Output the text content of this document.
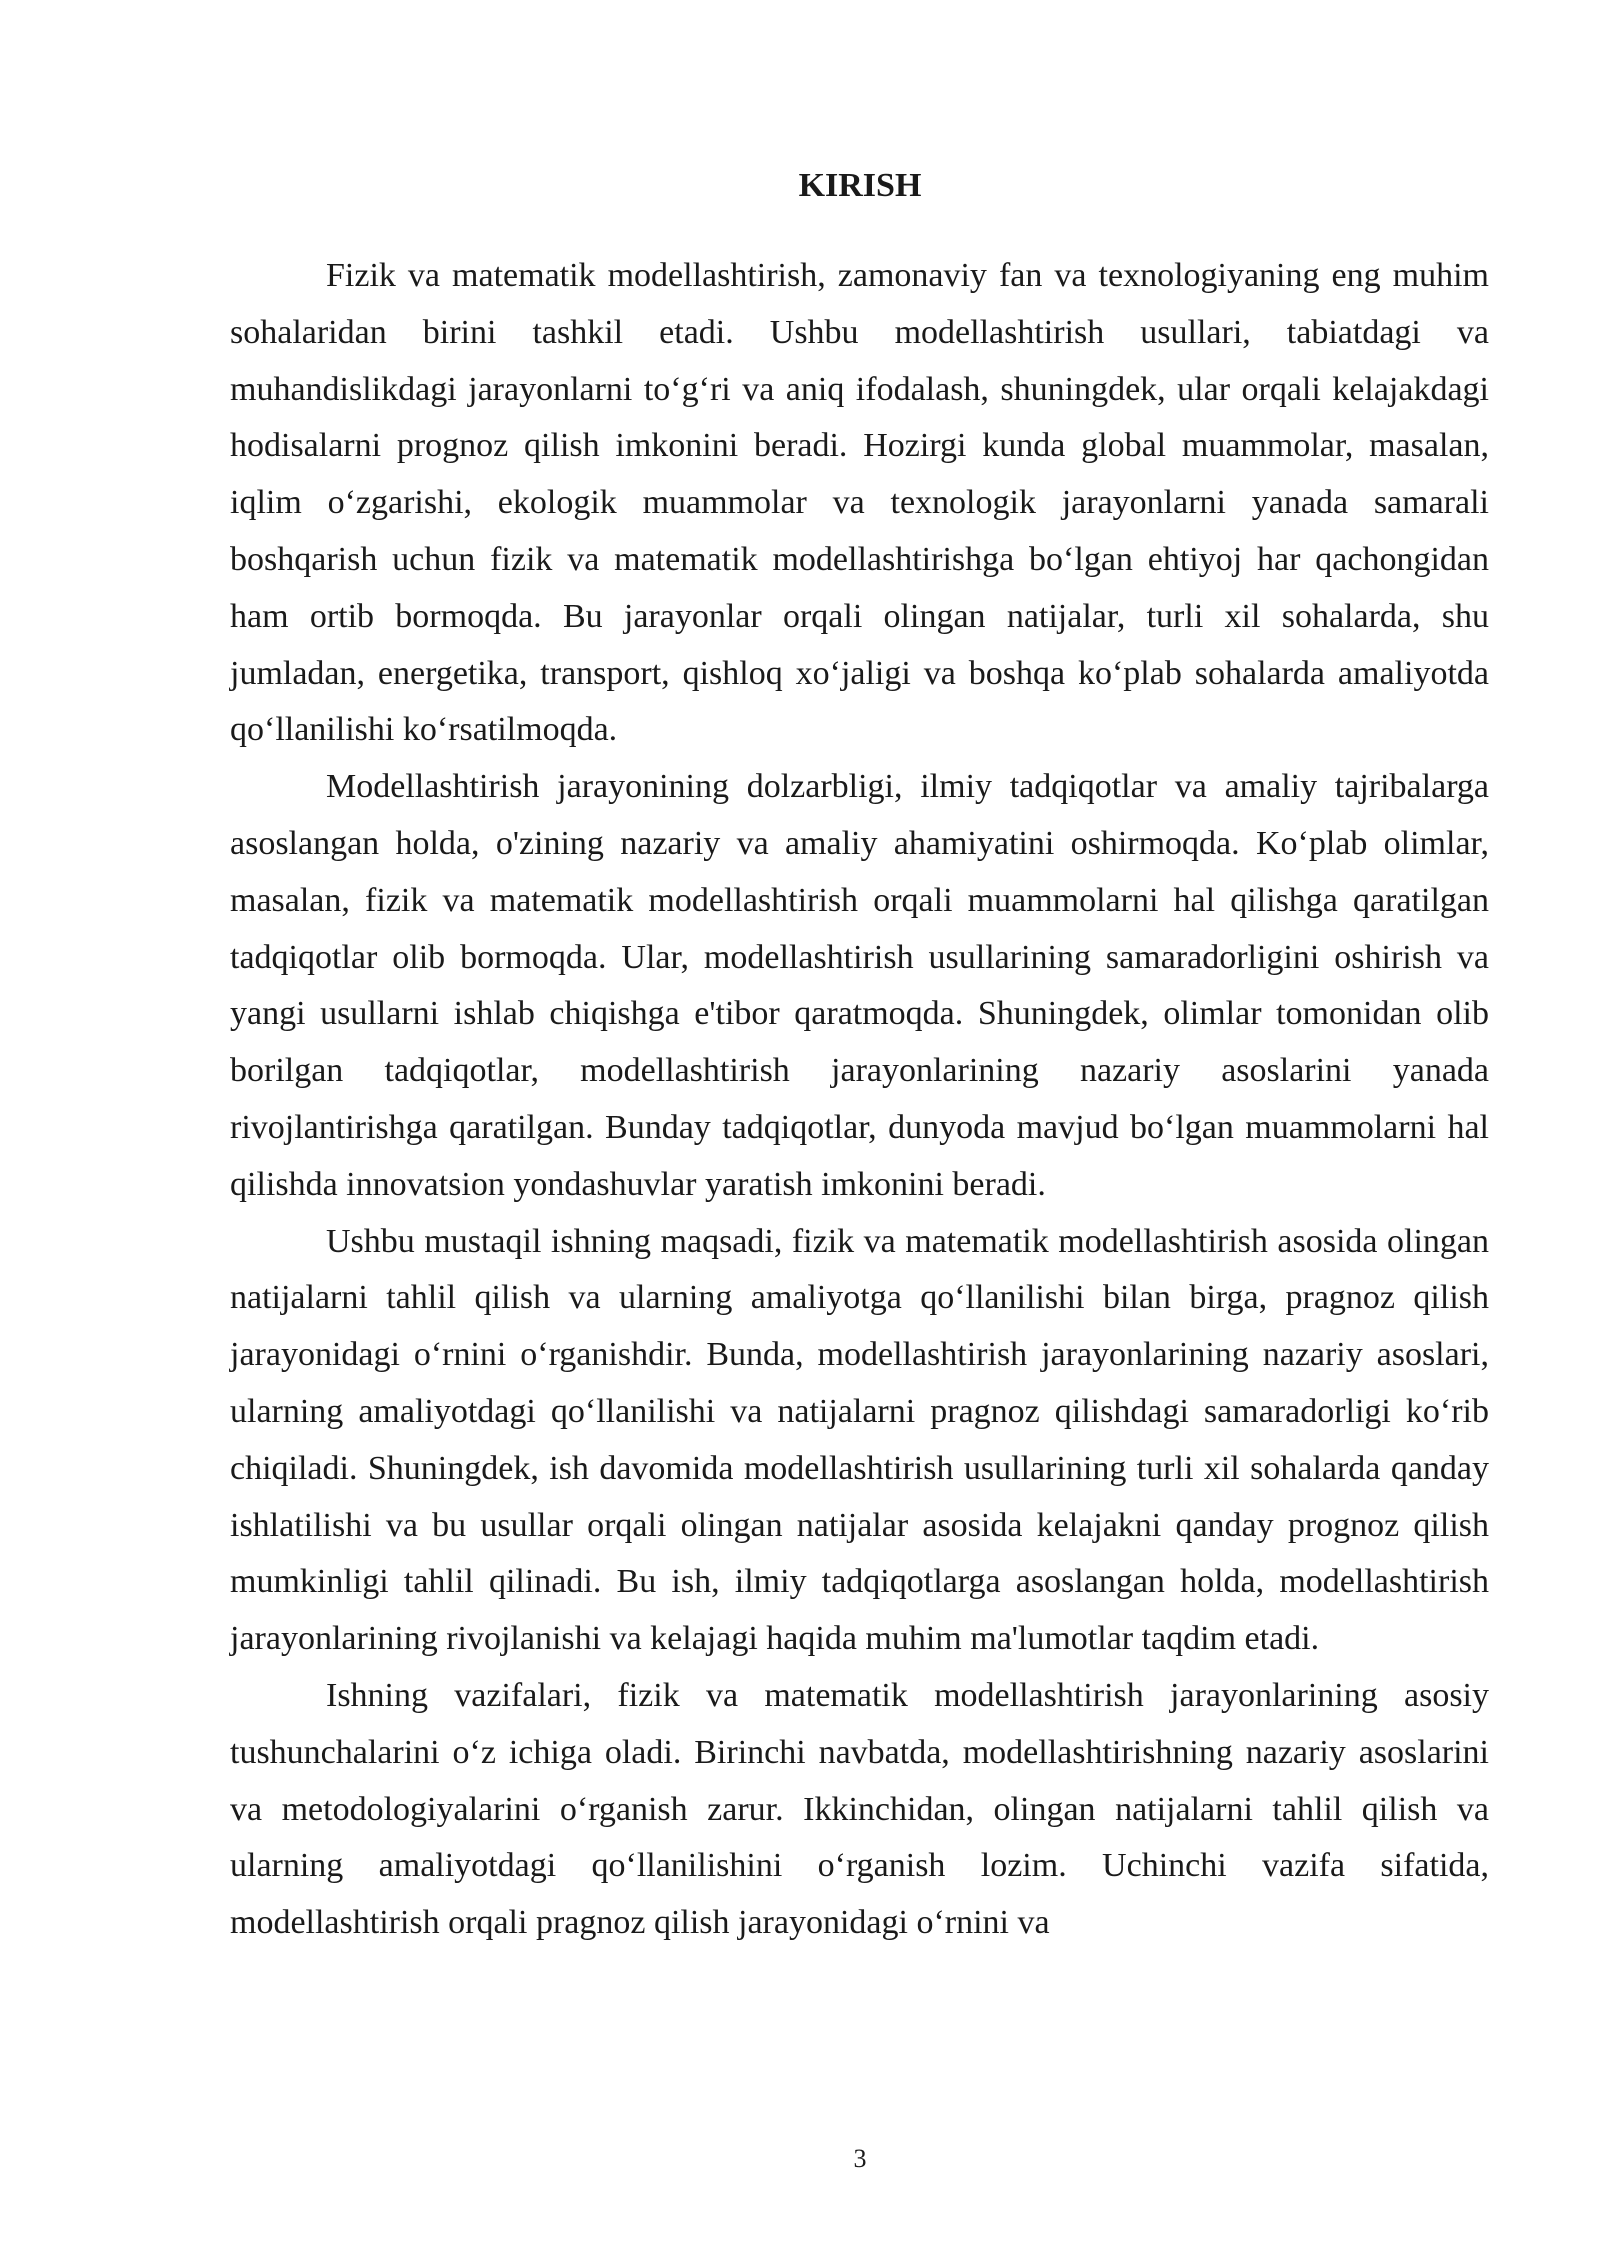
KIRISH

Fizik va matematik modellashtirish, zamonaviy fan va texnologiyaning eng muhim sohalaridan birini tashkil etadi. Ushbu modellashtirish usullari, tabiatdagi va muhandislikdagi jarayonlarni to‘g‘ri va aniq ifodalash, shuningdek, ular orqali kelajakdagi hodisalarni prognoz qilish imkonini beradi. Hozirgi kunda global muammolar, masalan, iqlim o‘zgarishi, ekologik muammolar va texnologik jarayonlarni yanada samarali boshqarish uchun fizik va matematik modellashtirishga bo‘lgan ehtiyoj har qachongidan ham ortib bormoqda. Bu jarayonlar orqali olingan natijalar, turli xil sohalarda, shu jumladan, energetika, transport, qishloq xo‘jaligi va boshqa ko‘plab sohalarda amaliyotda qo‘llanilishi ko‘rsatilmoqda.

Modellashtirish jarayonining dolzarbligi, ilmiy tadqiqotlar va amaliy tajribalarga asoslangan holda, o'zining nazariy va amaliy ahamiyatini oshirmoqda. Ko‘plab olimlar, masalan, fizik va matematik modellashtirish orqali muammolarni hal qilishga qaratilgan tadqiqotlar olib bormoqda. Ular, modellashtirish usullarining samaradorligini oshirish va yangi usullarni ishlab chiqishga e'tibor qaratmoqda. Shuningdek, olimlar tomonidan olib borilgan tadqiqotlar, modellashtirish jarayonlarining nazariy asoslarini yanada rivojlantirishga qaratilgan. Bunday tadqiqotlar, dunyoda mavjud bo‘lgan muammolarni hal qilishda innovatsion yondashuvlar yaratish imkonini beradi.

Ushbu mustaqil ishning maqsadi, fizik va matematik modellashtirish asosida olingan natijalarni tahlil qilish va ularning amaliyotga qo‘llanilishi bilan birga, pragnoz qilish jarayonidagi o‘rnini o‘rganishdir. Bunda, modellashtirish jarayonlarining nazariy asoslari, ularning amaliyotdagi qo‘llanilishi va natijalarni pragnoz qilishdagi samaradorligi ko‘rib chiqiladi. Shuningdek, ish davomida modellashtirish usullarining turli xil sohalarda qanday ishlatilishi va bu usullar orqali olingan natijalar asosida kelajakni qanday prognoz qilish mumkinligi tahlil qilinadi. Bu ish, ilmiy tadqiqotlarga asoslangan holda, modellashtirish jarayonlarining rivojlanishi va kelajagi haqida muhim ma'lumotlar taqdim etadi.

Ishning vazifalari, fizik va matematik modellashtirish jarayonlarining asosiy tushunchalarini o‘z ichiga oladi. Birinchi navbatda, modellashtirishning nazariy asoslarini va metodologiyalarini o‘rganish zarur. Ikkinchidan, olingan natijalarni tahlil qilish va ularning amaliyotdagi qo‘llanilishini o‘rganish lozim. Uchinchi vazifa sifatida, modellashtirish orqali pragnoz qilish jarayonidagi o‘rnini va

3
